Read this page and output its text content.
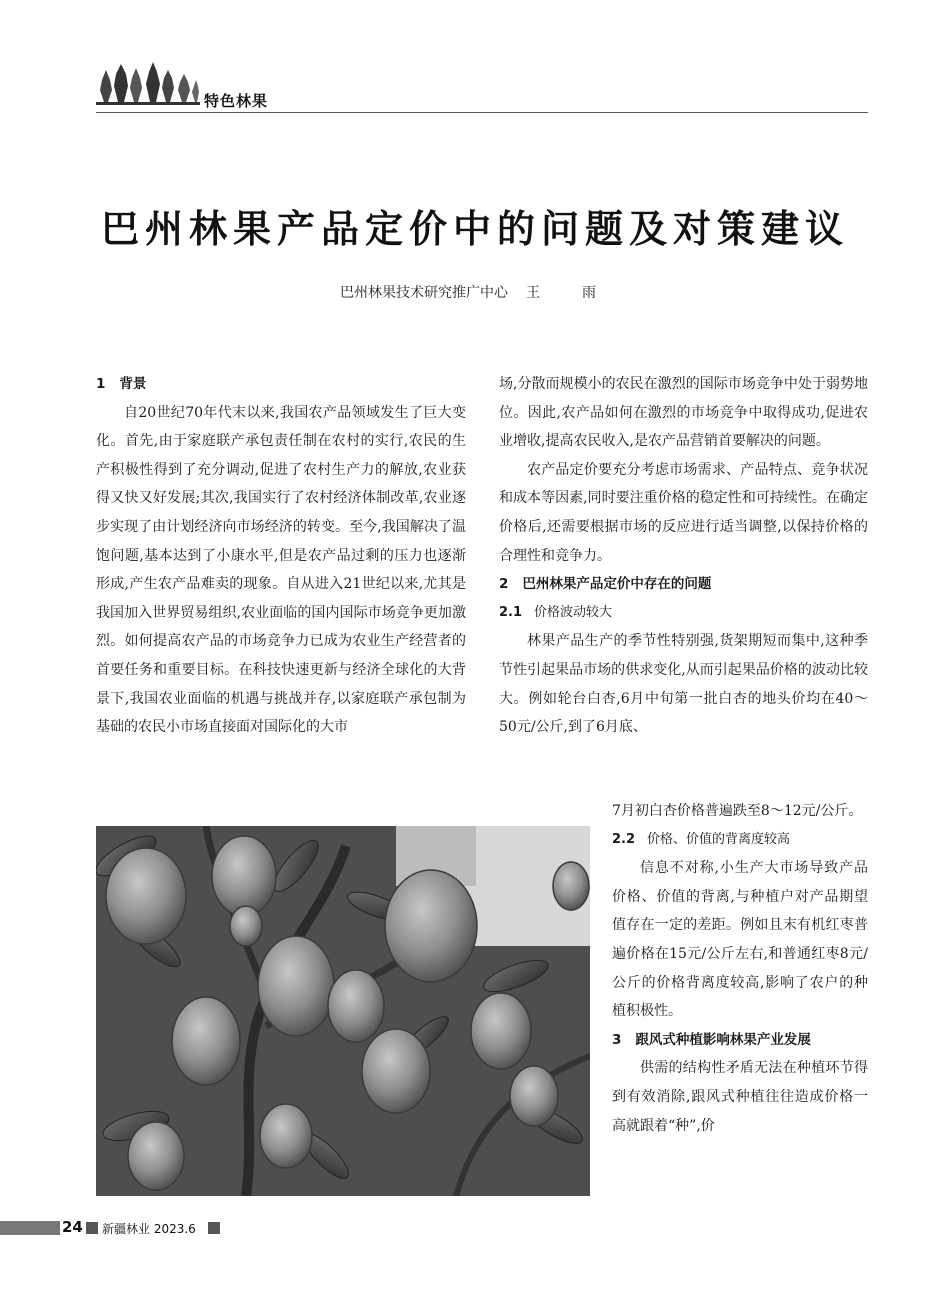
特色林果
巴州林果产品定价中的问题及对策建议
巴州林果技术研究推广中心 王　雨

1 背景

自20世纪70年代末以来,我国农产品领域发生了巨大变化。首先,由于家庭联产承包责任制在农村的实行,农民的生产积极性得到了充分调动,促进了农村生产力的解放,农业获得又快又好发展;其次,我国实行了农村经济体制改革,农业逐步实现了由计划经济向市场经济的转变。至今,我国解决了温饱问题,基本达到了小康水平,但是农产品过剩的压力也逐渐形成,产生农产品难卖的现象。自从进入21世纪以来,尤其是我国加入世界贸易组织,农业面临的国内国际市场竞争更加激烈。如何提高农产品的市场竞争力已成为农业生产经营者的首要任务和重要目标。在科技快速更新与经济全球化的大背景下,我国农业面临的机遇与挑战并存,以家庭联产承包制为基础的农民小市场直接面对国际化的大市

场,分散而规模小的农民在激烈的国际市场竞争中处于弱势地位。因此,农产品如何在激烈的市场竞争中取得成功,促进农业增收,提高农民收入,是农产品营销首要解决的问题。

农产品定价要充分考虑市场需求、产品特点、竞争状况和成本等因素,同时要注重价格的稳定性和可持续性。在确定价格后,还需要根据市场的反应进行适当调整,以保持价格的合理性和竞争力。

2 巴州林果产品定价中存在的问题

2.1 价格波动较大

林果产品生产的季节性特别强,货架期短而集中,这种季节性引起果品市场的供求变化,从而引起果品价格的波动比较大。例如轮台白杏,6月中旬第一批白杏的地头价均在40～50元/公斤,到了6月底、

7月初白杏价格普遍跌至8～12元/公斤。

2.2 价格、价值的背离度较高

信息不对称,小生产大市场导致产品价格、价值的背离,与种植户对产品期望值存在一定的差距。例如且末有机红枣普遍价格在15元/公斤左右,和普通红枣8元/公斤的价格背离度较高,影响了农户的种植积极性。

3 跟风式种植影响林果产业发展

供需的结构性矛盾无法在种植环节得到有效消除,跟风式种植往往造成价格一高就跟着“种”,价

24 新疆林业 2023.6
